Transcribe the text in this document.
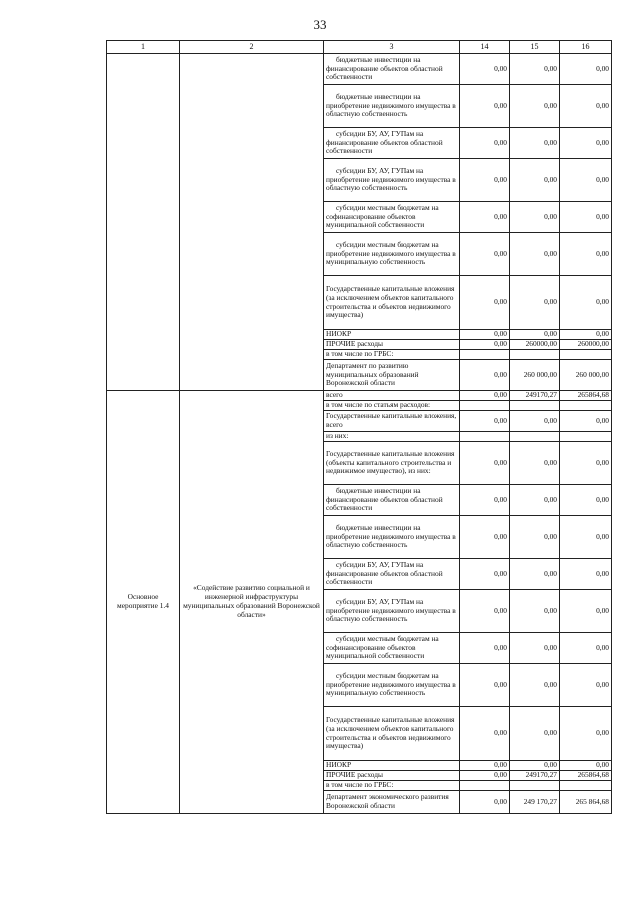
33
1	2	3	14	15	16
		бюджетные инвестиции на финансирование объектов областной собственности	0,00	0,00	0,00
		бюджетные инвестиции на приобретение недвижимого имущества в областную собственность	0,00	0,00	0,00
		субсидии БУ, АУ, ГУПам на финансирование объектов областной собственности	0,00	0,00	0,00
		субсидии БУ, АУ, ГУПам на приобретение недвижимого имущества в областную собственность	0,00	0,00	0,00
		субсидии местным бюджетам на софинансирование объектов муниципальной собственности	0,00	0,00	0,00
		субсидии местным бюджетам на приобретение недвижимого имущества в муниципальную собственность	0,00	0,00	0,00
		Государственные капитальные вложения (за исключением объектов капитального строительства и объектов недвижимого имущества)	0,00	0,00	0,00
		НИОКР	0,00	0,00	0,00
		ПРОЧИЕ расходы	0,00	260000,00	260000,00
		в том числе по ГРБС:			
		Департамент по развитию муниципальных образований Воронежской области	0,00	260 000,00	260 000,00
Основное мероприятие 1.4	«Содействие развитию социальной и инженерной инфраструктуры муниципальных образований Воронежской области»	всего	0,00	249170,27	265864,68
		в том числе по статьям расходов:			
		Государственные капитальные вложения, всего	0,00	0,00	0,00
		из них:			
		Государственные капитальные вложения (объекты капитального строительства и недвижимое имущество), из них:	0,00	0,00	0,00
		бюджетные инвестиции на финансирование объектов областной собственности	0,00	0,00	0,00
		бюджетные инвестиции на приобретение недвижимого имущества в областную собственность	0,00	0,00	0,00
		субсидии БУ, АУ, ГУПам на финансирование объектов областной собственности	0,00	0,00	0,00
		субсидии БУ, АУ, ГУПам на приобретение недвижимого имущества в областную собственность	0,00	0,00	0,00
		субсидии местным бюджетам на софинансирование объектов муниципальной собственности	0,00	0,00	0,00
		субсидии местным бюджетам на приобретение недвижимого имущества в муниципальную собственность	0,00	0,00	0,00
		Государственные капитальные вложения (за исключением объектов капитального строительства и объектов недвижимого имущества)	0,00	0,00	0,00
		НИОКР	0,00	0,00	0,00
		ПРОЧИЕ расходы	0,00	249170,27	265864,68
		в том числе по ГРБС:			
		Департамент экономического развития Воронежской области	0,00	249 170,27	265 864,68
